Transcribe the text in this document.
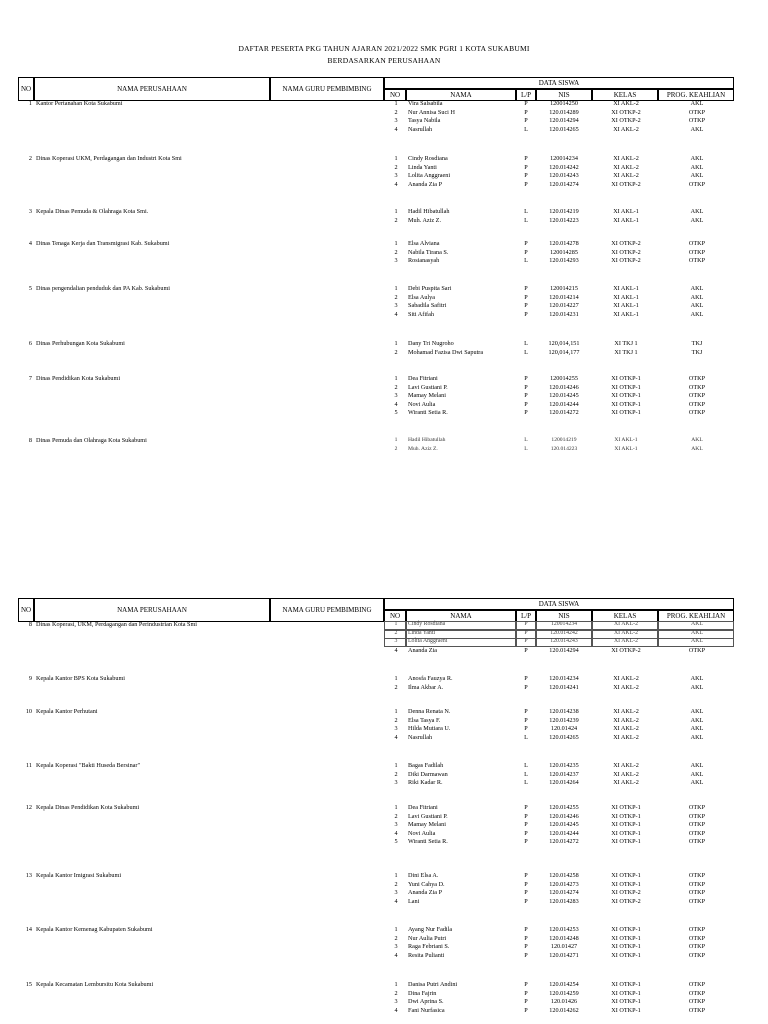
DAFTAR PESERTA PKG TAHUN AJARAN 2021/2022 SMK PGRI 1 KOTA SUKABUMI
BERDASARKAN PERUSAHAAN
NO	NAMA PERUSAHAAN	NAMA GURU PEMBIMBING
DATA SISWA
NO	NAMA	L/P	NIS	KELAS	PROG. KEAHLIAN
1 Kantor Pertanahan Kota Sukabumi	1	Vira Salsabila	P	120014250	XI AKL-2	AKL
2	Nur Annisa Suci H	P	120.014289	XI OTKP-2	OTKP
3	Tasya Nabila	P	120.014294	XI OTKP-2	OTKP
4	Nasrullah	L	120.014265	XI AKL-2	AKL
2 Dinas Koperasi UKM, Perdagangan dan Industri Kota Smi	1	Cindy Rosdiana	P	120014234	XI AKL-2	AKL
2	Linda Yanti	P	120.014242	XI AKL-2	AKL
3	Lolita Anggraeni	P	120.014243	XI AKL-2	AKL
4	Ananda Zia P	P	120.014274	XI OTKP-2	OTKP
3 Kepala Dinas Pemuda & Olahraga Kota Smi.	1	Hadil Hibatullah	L	120.014219	XI AKL-1	AKL
2	Muh. Aziz Z.	L	120.014223	XI AKL-1	AKL
4 Dinas Tenaga Kerja dan Transmigrasi Kab. Sukabumi	1	Elsa Alviana	P	120.014278	XI OTKP-2	OTKP
2	Nabila Tirana S.	P	120014285	XI OTKP-2	OTKP
3	Rosianasyah	L	120.014293	XI OTKP-2	OTKP
5 Dinas pengendalian penduduk dan PA Kab. Sukabumi	1	Debi Puspita Sari	P	120014215	XI AKL-1	AKL
2	Elsa Aulya	P	120.014214	XI AKL-1	AKL
3	Sabadila Safitri	P	120.014227	XI AKL-1	AKL
4	Siti Afifah	P	120.014231	XI AKL-1	AKL
6 Dinas Perhubungan Kota Sukabumi	1	Dany Tri Nugroho	L	120,014,151	XI TKJ 1	TKJ
2	Mohamad Fazisa Dwi Saputra	L	120,014,177	XI TKJ 1	TKJ
7 Dinas Pendidikan Kota Sukabumi	1	Dea Fitriani	P	120014255	XI OTKP-1	OTKP
2	Lavi Gustiani P.	P	120.014246	XI OTKP-1	OTKP
3	Mamay Melani	P	120.014245	XI OTKP-1	OTKP
4	Novi Aulia	P	120.014244	XI OTKP-1	OTKP
5	Wiranti Setia R.	P	120.014272	XI OTKP-1	OTKP
8 Dinas Pemuda dan Olahraga Kota Sukabumi	1	Hadil Hibatullah	L	120014219	XI AKL-1	AKL
2	Muh. Aziz Z.	L	120.014223	XI AKL-1	AKL
NO	NAMA PERUSAHAAN	NAMA GURU PEMBIMBING
DATA SISWA
NO	NAMA	L/P	NIS	KELAS	PROG. KEAHLIAN
8 Dinas Koperasi, UKM, Perdagangan dan Perindustrian Kota Smi	1	Cindy Rosdiana	P	120014234	XI AKL-2	AKL
2	Linda Yanti	P	120.014242	XI AKL-2	AKL
3	Lolita Anggraeni	P	120.014243	XI AKL-2	AKL
4	Ananda Zia	P	120.014294	XI OTKP-2	OTKP
9 Kepala Kantor BPS Kota Sukabumi	1	Anosfa Fauzya R.	P	120.014234	XI AKL-2	AKL
2	Ilma Akbar A.	P	120.014241	XI AKL-2	AKL
10 Kepala Kantor Perhutani	1	Denna Renata N.	P	120.014238	XI AKL-2	AKL
2	Elsa Tasya F.	P	120.014239	XI AKL-2	AKL
3	Hilda Mutiara U.	P	120.01424	XI AKL-2	AKL
4	Nasrullah	L	120.014265	XI AKL-2	AKL
11 Kepala Koperasi "Bakti Huseda Bersinar"	1	Bagas Fadilah	L	120.014235	XI AKL-2	AKL
2	Diki Darmawan	L	120.014237	XI AKL-2	AKL
3	Riki Kadar R.	L	120.014264	XI AKL-2	AKL
12 Kepala Dinas Pendidikan Kota Sukabumi	1	Dea Fitriani	P	120.014255	XI OTKP-1	OTKP
2	Lavi Gustiani P.	P	120.014246	XI OTKP-1	OTKP
3	Mamay Melani	P	120.014245	XI OTKP-1	OTKP
4	Novi Aulia	P	120.014244	XI OTKP-1	OTKP
5	Wiranti Setia R.	P	120.014272	XI OTKP-1	OTKP
13 Kepala Kantor Imigrasi Sukabumi	1	Dini Elsa A.	P	120.014258	XI OTKP-1	OTKP
2	Yuni Cahya D.	P	120.014273	XI OTKP-1	OTKP
3	Ananda Zia P	P	120.014274	XI OTKP-2	OTKP
4	Lani	P	120.014283	XI OTKP-2	OTKP
14 Kepala Kantor Kemenag Kabupaten Sukabumi	1	Ayang Nur Fadila	P	120.014253	XI OTKP-1	OTKP
2	Nur Aulia Putri	P	120.014248	XI OTKP-1	OTKP
3	Raga Febriani S.	P	120.01427	XI OTKP-1	OTKP
4	Resita Pulianti	P	120.014271	XI OTKP-1	OTKP
15 Kepala Kecamatan Lembursitu Kota Sukabumi	1	Danisa Putri Andini	P	120.014254	XI OTKP-1	OTKP
2	Dina Fajrin	P	120.014259	XI OTKP-1	OTKP
3	Dwi Aprina S.	P	120.01426	XI OTKP-1	OTKP
4	Fani Nurfasica	P	120.014262	XI OTKP-1	OTKP
